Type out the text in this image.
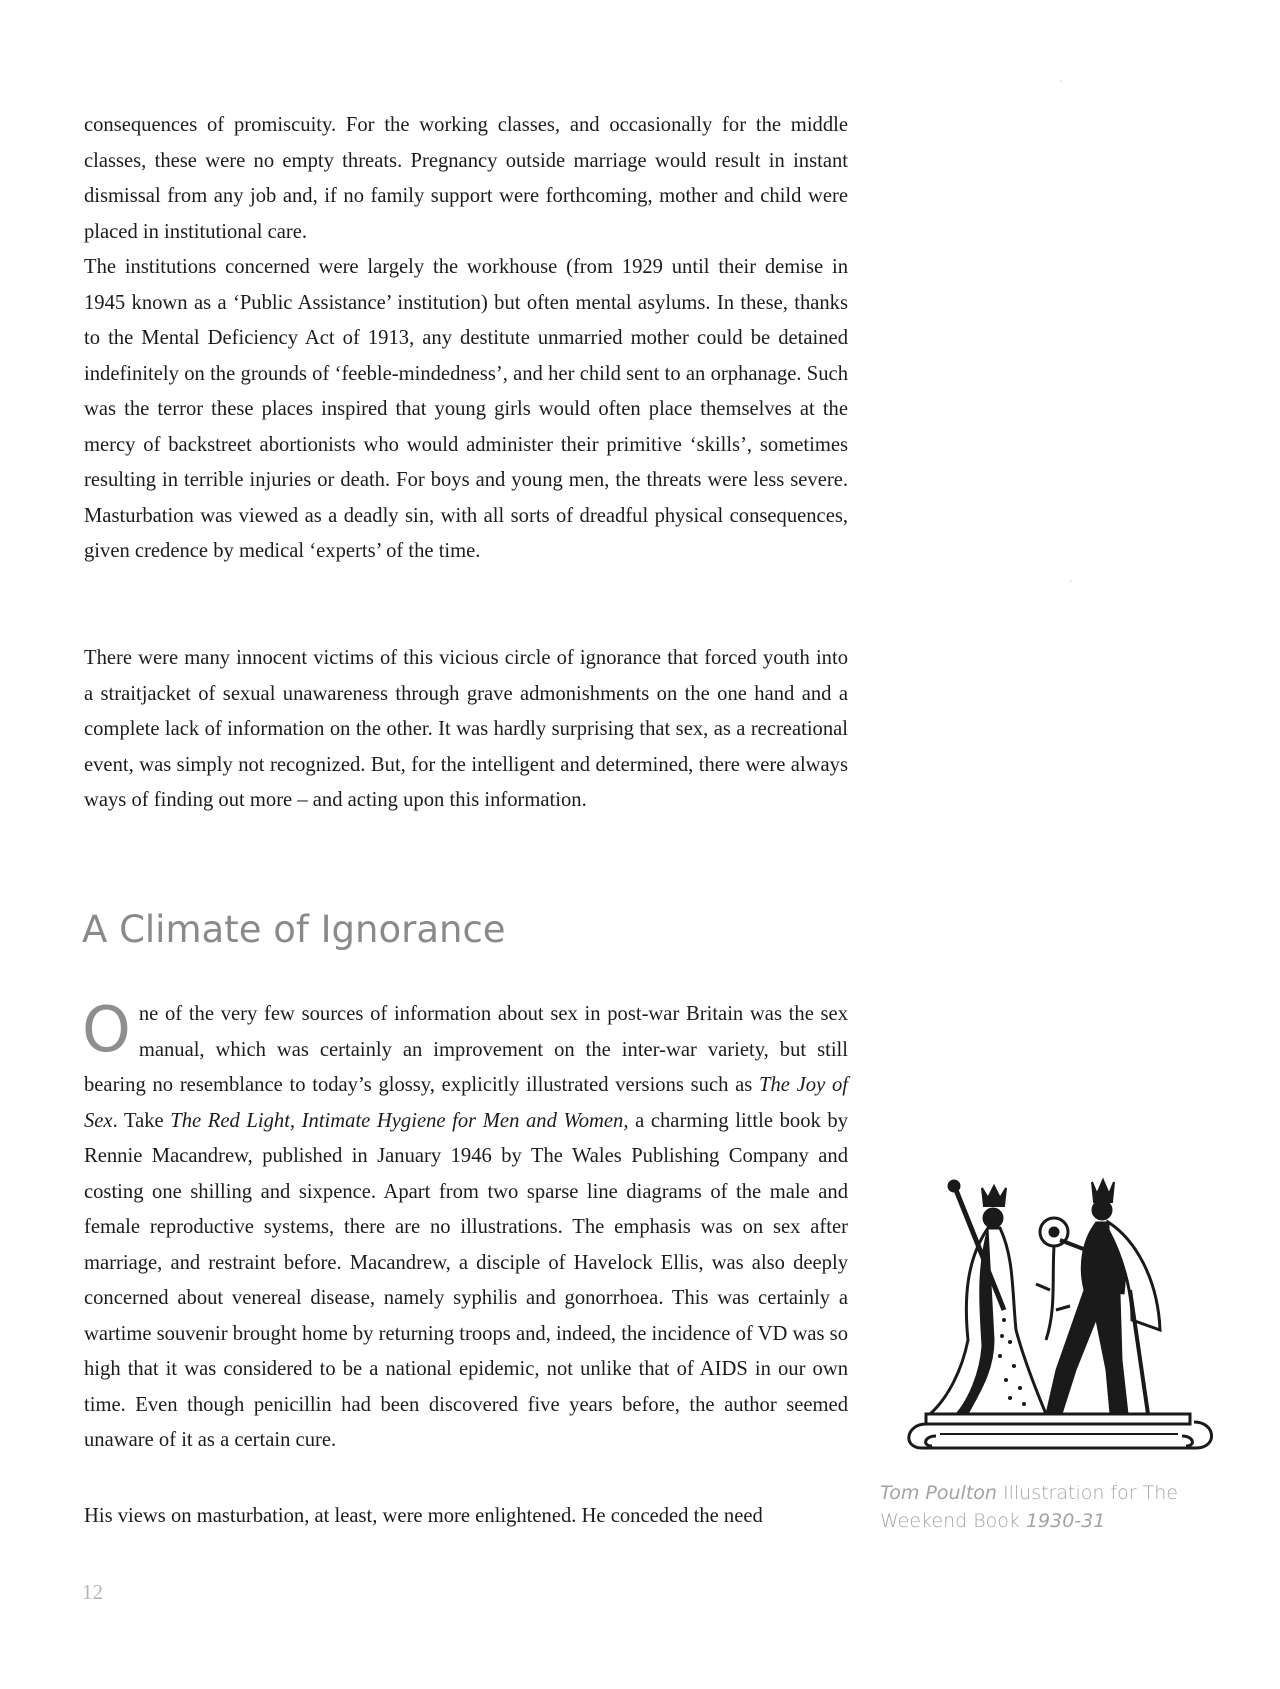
consequences of promiscuity. For the working classes, and occasionally for the middle classes, these were no empty threats. Pregnancy outside marriage would result in instant dismissal from any job and, if no family support were forthcoming, mother and child were placed in institutional care.
The institutions concerned were largely the workhouse (from 1929 until their demise in 1945 known as a ‘Public Assistance’ institution) but often mental asylums. In these, thanks to the Mental Deficiency Act of 1913, any destitute unmarried mother could be detained indefinitely on the grounds of ‘feeble-mindedness’, and her child sent to an orphanage. Such was the terror these places inspired that young girls would often place themselves at the mercy of backstreet abortionists who would administer their primitive ‘skills’, sometimes resulting in terrible injuries or death. For boys and young men, the threats were less severe. Masturbation was viewed as a deadly sin, with all sorts of dreadful physical consequences, given credence by medical ‘experts’ of the time.
There were many innocent victims of this vicious circle of ignorance that forced youth into a straitjacket of sexual unawareness through grave admonishments on the one hand and a complete lack of information on the other. It was hardly surprising that sex, as a recreational event, was simply not recognized. But, for the intelligent and determined, there were always ways of finding out more – and acting upon this information.
A Climate of Ignorance
One of the very few sources of information about sex in post-war Britain was the sex manual, which was certainly an improvement on the inter-war variety, but still bearing no resemblance to today’s glossy, explicitly illustrated versions such as The Joy of Sex. Take The Red Light, Intimate Hygiene for Men and Women, a charming little book by Rennie Macandrew, published in January 1946 by The Wales Publishing Company and costing one shilling and sixpence. Apart from two sparse line diagrams of the male and female reproductive systems, there are no illustrations. The emphasis was on sex after marriage, and restraint before. Macandrew, a disciple of Havelock Ellis, was also deeply concerned about venereal disease, namely syphilis and gonorrhoea. This was certainly a wartime souvenir brought home by returning troops and, indeed, the incidence of VD was so high that it was considered to be a national epidemic, not unlike that of AIDS in our own time. Even though penicillin had been discovered five years before, the author seemed unaware of it as a certain cure.
His views on masturbation, at least, were more enlightened. He conceded the need
Tom Poulton Illustration for The Weekend Book 1930-31
12
